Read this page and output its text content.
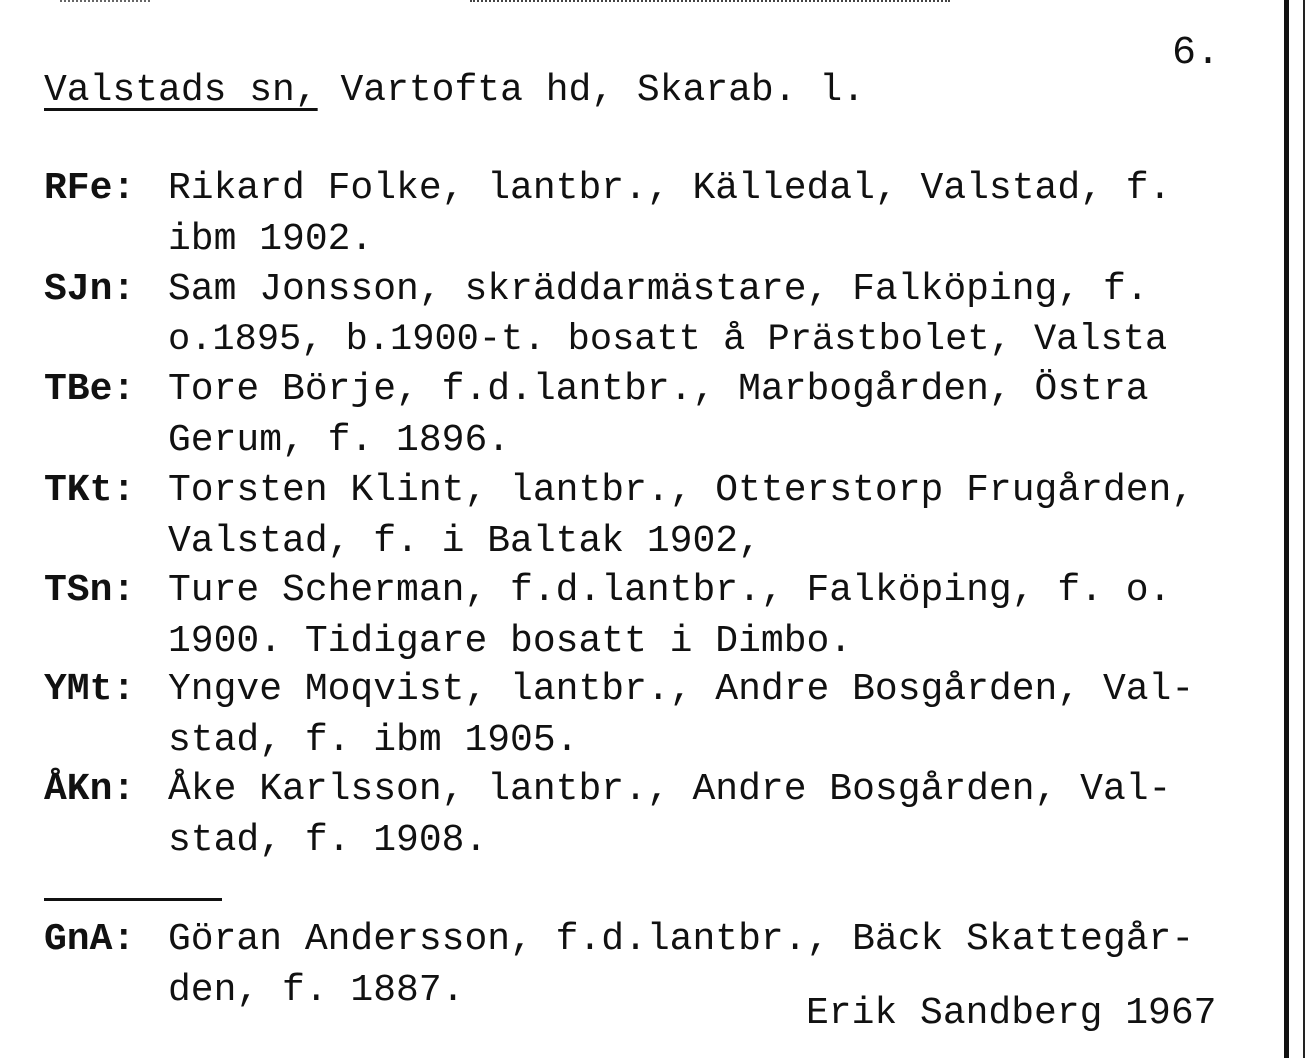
6.
Valstads sn, Vartofta hd, Skarab. l.
RFe: Rikard Folke, lantbr., Källedal, Valstad, f.
ibm 1902.
SJn: Sam Jonsson, skräddarmästare, Falköping, f.
o.1895, b.1900-t. bosatt å Prästbolet, Valsta
TBe: Tore Börje, f.d.lantbr., Marbogården, Östra
Gerum, f. 1896.
TKt: Torsten Klint, lantbr., Otterstorp Frugården,
Valstad, f. i Baltak 1902,
TSn: Ture Scherman, f.d.lantbr., Falköping, f. o.
1900. Tidigare bosatt i Dimbo.
YMt: Yngve Moqvist, lantbr., Andre Bosgården, Val-
stad, f. ibm 1905.
ÅKn: Åke Karlsson, lantbr., Andre Bosgården, Val-
stad, f. 1908.
GnA: Göran Andersson, f.d.lantbr., Bäck Skattegår-
den, f. 1887.
Erik Sandberg 1967
